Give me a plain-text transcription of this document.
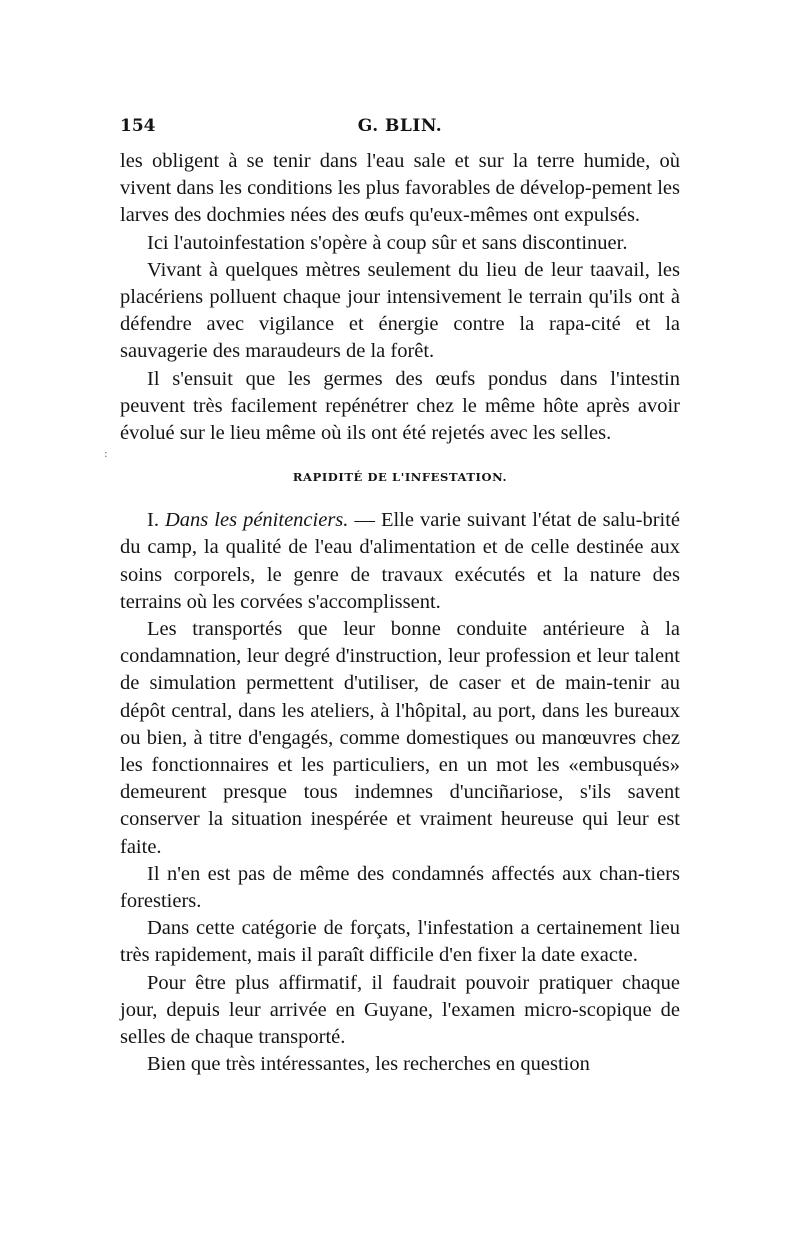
154	G. BLIN.
ː

les obligent à se tenir dans l'eau sale et sur la terre humide, où vivent dans les conditions les plus favorables de dévelop-pement les larves des dochmies nées des œufs qu'eux-mêmes ont expulsés.

Ici l'autoinfestation s'opère à coup sûr et sans discontinuer.

Vivant à quelques mètres seulement du lieu de leur taavail, les placériens polluent chaque jour intensivement le terrain qu'ils ont à défendre avec vigilance et énergie contre la rapa-cité et la sauvagerie des maraudeurs de la forêt.

Il s'ensuit que les germes des œufs pondus dans l'intestin peuvent très facilement repénétrer chez le même hôte après avoir évolué sur le lieu même où ils ont été rejetés avec les selles.

RAPIDITÉ DE L'INFESTATION.

I. Dans les pénitenciers. — Elle varie suivant l'état de salu-brité du camp, la qualité de l'eau d'alimentation et de celle destinée aux soins corporels, le genre de travaux exécutés et la nature des terrains où les corvées s'accomplissent.

Les transportés que leur bonne conduite antérieure à la condamnation, leur degré d'instruction, leur profession et leur talent de simulation permettent d'utiliser, de caser et de main-tenir au dépôt central, dans les ateliers, à l'hôpital, au port, dans les bureaux ou bien, à titre d'engagés, comme domestiques ou manœuvres chez les fonctionnaires et les particuliers, en un mot les «embusqués» demeurent presque tous indemnes d'unciñariose, s'ils savent conserver la situation inespérée et vraiment heureuse qui leur est faite.

Il n'en est pas de même des condamnés affectés aux chan-tiers forestiers.

Dans cette catégorie de forçats, l'infestation a certainement lieu très rapidement, mais il paraît difficile d'en fixer la date exacte.

Pour être plus affirmatif, il faudrait pouvoir pratiquer chaque jour, depuis leur arrivée en Guyane, l'examen micro-scopique de selles de chaque transporté.

Bien que très intéressantes, les recherches en question
